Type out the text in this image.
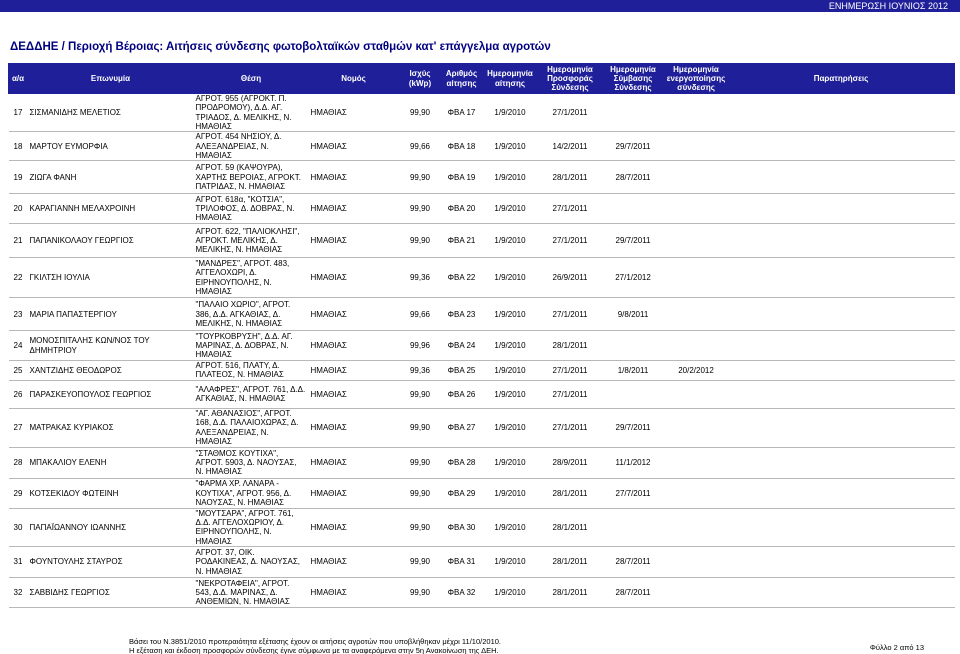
ΕΝΗΜΕΡΩΣΗ ΙΟΥΝΙΟΣ 2012
ΔΕΔΔΗΕ / Περιοχή Βέροιας: Αιτήσεις σύνδεσης φωτοβολταϊκών σταθμών κατ' επάγγελμα αγροτών
α/α	Επωνυμία	Θέση	Νομός	Ισχύς (kWp)	Αριθμός αίτησης	Ημερομηνία αίτησης	Ημερομηνία Προσφοράς Σύνδεσης	Ημερομηνία Σύμβασης Σύνδεσης	Ημερομηνία ενεργοποίησης σύνδεσης	Παρατηρήσεις
17	ΣΙΣΜΑΝΙΔΗΣ ΜΕΛΕΤΙΟΣ	ΑΓΡΟΤ. 955 (ΑΓΡΟΚΤ. Π. ΠΡΟΔΡΟΜΟΥ), Δ.Δ. ΑΓ. ΤΡΙΑΔΟΣ, Δ. ΜΕΛΙΚΗΣ, Ν. ΗΜΑΘΙΑΣ	ΗΜΑΘΙΑΣ	99,90	ΦΒΑ 17	1/9/2010	27/1/2011			
18	ΜΑΡΤΟΥ ΕΥΜΟΡΦΙΑ	ΑΓΡΟΤ. 454 ΝΗΣΙΟΥ, Δ. ΑΛΕΞΑΝΔΡΕΙΑΣ, Ν. ΗΜΑΘΙΑΣ	ΗΜΑΘΙΑΣ	99,66	ΦΒΑ 18	1/9/2010	14/2/2011	29/7/2011		
19	ΖΙΩΓΑ ΦΑΝΗ	ΑΓΡΟΤ. 59 (ΚΑΨΟΥΡΑ), ΧΑΡΤΗΣ ΒΕΡΟΙΑΣ, ΑΓΡΟΚΤ. ΠΑΤΡΙΔΑΣ, Ν. ΗΜΑΘΙΑΣ	ΗΜΑΘΙΑΣ	99,90	ΦΒΑ 19	1/9/2010	28/1/2011	28/7/2011		
20	ΚΑΡΑΓΙΑΝΝΗ ΜΕΛΑΧΡΟΙΝΗ	ΑΓΡΟΤ. 618α, "ΚΟΤΣΙΑ", ΤΡΙΛΟΦΟΣ, Δ. ΔΟΒΡΑΣ, Ν. ΗΜΑΘΙΑΣ	ΗΜΑΘΙΑΣ	99,90	ΦΒΑ 20	1/9/2010	27/1/2011			
21	ΠΑΠΑΝΙΚΟΛΑΟΥ ΓΕΩΡΓΙΟΣ	ΑΓΡΟΤ. 622, "ΠΑΛΙΟΚΛΗΣΙ", ΑΓΡΟΚΤ. ΜΕΛΙΚΗΣ, Δ. ΜΕΛΙΚΗΣ, Ν. ΗΜΑΘΙΑΣ	ΗΜΑΘΙΑΣ	99,90	ΦΒΑ 21	1/9/2010	27/1/2011	29/7/2011		
22	ΓΚΙΛΤΣΗ ΙΟΥΛΙΑ	"ΜΑΝΔΡΕΣ", ΑΓΡΟΤ. 483, ΑΓΓΕΛΟΧΩΡΙ, Δ. ΕΙΡΗΝΟΥΠΟΛΗΣ, Ν. ΗΜΑΘΙΑΣ	ΗΜΑΘΙΑΣ	99,36	ΦΒΑ 22	1/9/2010	26/9/2011	27/1/2012		
23	ΜΑΡΙΑ ΠΑΠΑΣΤΕΡΓΙΟΥ	"ΠΑΛΑΙΟ ΧΩΡΙΟ", ΑΓΡΟΤ. 386, Δ.Δ. ΑΓΚΑΘΙΑΣ, Δ. ΜΕΛΙΚΗΣ, Ν. ΗΜΑΘΙΑΣ	ΗΜΑΘΙΑΣ	99,66	ΦΒΑ 23	1/9/2010	27/1/2011	9/8/2011		
24	ΜΟΝΟΣΠΙΤΑΛΗΣ ΚΩΝ/ΝΟΣ ΤΟΥ ΔΗΜΗΤΡΙΟΥ	"ΤΟΥΡΚΟΒΡΥΣΗ", Δ.Δ. ΑΓ. ΜΑΡΙΝΑΣ, Δ. ΔΟΒΡΑΣ, Ν. ΗΜΑΘΙΑΣ	ΗΜΑΘΙΑΣ	99,96	ΦΒΑ 24	1/9/2010	28/1/2011			
25	ΧΑΝΤΖΙΔΗΣ ΘΕΟΔΩΡΟΣ	ΑΓΡΟΤ. 516, ΠΛΑΤΥ, Δ. ΠΛΑΤΕΟΣ, Ν. ΗΜΑΘΙΑΣ	ΗΜΑΘΙΑΣ	99,36	ΦΒΑ 25	1/9/2010	27/1/2011	1/8/2011	20/2/2012	
26	ΠΑΡΑΣΚΕΥΟΠΟΥΛΟΣ ΓΕΩΡΓΙΟΣ	"ΑΛΑΦΡΕΣ", ΑΓΡΟΤ. 761, Δ.Δ. ΑΓΚΑΘΙΑΣ, Ν. ΗΜΑΘΙΑΣ	ΗΜΑΘΙΑΣ	99,90	ΦΒΑ 26	1/9/2010	27/1/2011			
27	ΜΑΤΡΑΚΑΣ ΚΥΡΙΑΚΟΣ	"ΑΓ. ΑΘΑΝΑΣΙΟΣ", ΑΓΡΟΤ. 168, Δ.Δ. ΠΑΛΑΙΟΧΩΡΑΣ, Δ. ΑΛΕΞΑΝΔΡΕΙΑΣ, Ν. ΗΜΑΘΙΑΣ	ΗΜΑΘΙΑΣ	99,90	ΦΒΑ 27	1/9/2010	27/1/2011	29/7/2011		
28	ΜΠΑΚΑΛΙΟΥ ΕΛΕΝΗ	"ΣΤΑΘΜΟΣ ΚΟΥΤΙΧΑ", ΑΓΡΟΤ. 5903, Δ. ΝΑΟΥΣΑΣ, Ν. ΗΜΑΘΙΑΣ	ΗΜΑΘΙΑΣ	99,90	ΦΒΑ 28	1/9/2010	28/9/2011	11/1/2012		
29	ΚΟΤΣΕΚΙΔΟΥ ΦΩΤΕΙΝΗ	"ΦΑΡΜΑ ΧΡ. ΛΑΝΑΡΑ - ΚΟΥΤΙΧΑ", ΑΓΡΟΤ. 956, Δ. ΝΑΟΥΣΑΣ, Ν. ΗΜΑΘΙΑΣ	ΗΜΑΘΙΑΣ	99,90	ΦΒΑ 29	1/9/2010	28/1/2011	27/7/2011		
30	ΠΑΠΑΪΩΑΝΝΟΥ ΙΩΑΝΝΗΣ	"ΜΟΥΤΣΑΡΑ", ΑΓΡΟΤ. 761, Δ.Δ. ΑΓΓΕΛΟΧΩΡΙΟΥ, Δ. ΕΙΡΗΝΟΥΠΟΛΗΣ, Ν. ΗΜΑΘΙΑΣ	ΗΜΑΘΙΑΣ	99,90	ΦΒΑ 30	1/9/2010	28/1/2011			
31	ΦΟΥΝΤΟΥΛΗΣ ΣΤΑΥΡΟΣ	ΑΓΡΟΤ. 37, ΟΙΚ. ΡΟΔΑΚΙΝΕΑΣ, Δ. ΝΑΟΥΣΑΣ, Ν. ΗΜΑΘΙΑΣ	ΗΜΑΘΙΑΣ	99,90	ΦΒΑ 31	1/9/2010	28/1/2011	28/7/2011		
32	ΣΑΒΒΙΔΗΣ ΓΕΩΡΓΙΟΣ	"ΝΕΚΡΟΤΑΦΕΙΑ", ΑΓΡΟΤ. 543, Δ.Δ. ΜΑΡΙΝΑΣ, Δ. ΑΝΘΕΜΙΩΝ, Ν. ΗΜΑΘΙΑΣ	ΗΜΑΘΙΑΣ	99,90	ΦΒΑ 32	1/9/2010	28/1/2011	28/7/2011		
Βάσει του Ν.3851/2010 προτεραιότητα εξέτασης έχουν οι αιτήσεις αγροτών που υποβλήθηκαν μέχρι 11/10/2010.
Η εξέταση και έκδοση προσφορών σύνδεσης έγινε σύμφωνα με τα αναφερόμενα στην 5η Ανακοίνωση της ΔΕΗ.	Φύλλο 2 από 13
